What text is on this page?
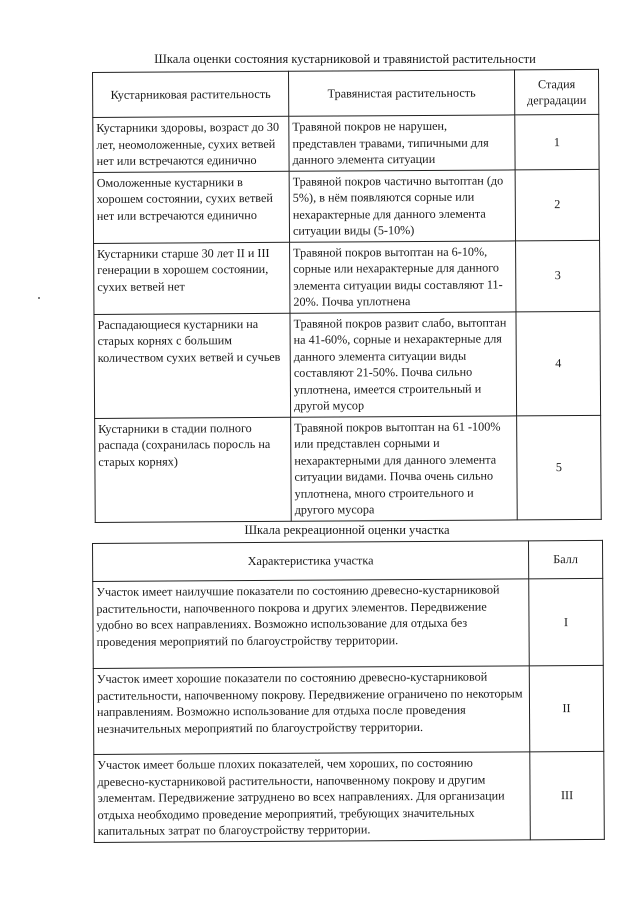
Шкала оценки состояния кустарниковой и травянистой растительности
Кустарниковая растительность	Травянистая растительность	Стадия деградации
Кустарники здоровы, возраст до 30 лет, неомоложенные, сухих ветвей нет или встречаются единично	Травяной покров не нарушен, представлен травами, типичными для данного элемента ситуации	1
Омоложенные кустарники в хорошем состоянии, сухих ветвей нет или встречаются единично	Травяной покров частично вытоптан (до 5%), в нём появляются сорные или нехарактерные для данного элемента ситуации виды (5-10%)	2
Кустарники старше 30 лет II и III генерации в хорошем состоянии, сухих ветвей нет	Травяной покров вытоптан на 6-10%, сорные или нехарактерные для данного элемента ситуации виды составляют 11-20%. Почва уплотнена	3
Распадающиеся кустарники на старых корнях с большим количеством сухих ветвей и сучьев	Травяной покров развит слабо, вытоптан на 41-60%, сорные и нехарактерные для данного элемента ситуации виды составляют 21-50%. Почва сильно уплотнена, имеется строительный и другой мусор	4
Кустарники в стадии полного распада (сохранилась поросль на старых корнях)	Травяной покров вытоптан на 61 -100% или представлен сорными и нехарактерными для данного элемента ситуации видами. Почва очень сильно уплотнена, много строительного и другого мусора	5
Шкала рекреационной оценки участка
Характеристика участка	Балл
Участок имеет наилучшие показатели по состоянию древесно-кустарниковой растительности, напочвенного покрова и других элементов. Передвижение удобно во всех направлениях. Возможно использование для отдыха без проведения мероприятий по благоустройству территории.	I
Участок имеет хорошие показатели по состоянию древесно-кустарниковой растительности, напочвенному покрову. Передвижение ограничено по некоторым направлениям. Возможно использование для отдыха после проведения незначительных мероприятий по благоустройству территории.	II
Участок имеет больше плохих показателей, чем хороших, по состоянию древесно-кустарниковой растительности, напочвенному покрову и другим элементам. Передвижение затруднено во всех направлениях. Для организации отдыха необходимо проведение мероприятий, требующих значительных капитальных затрат по благоустройству территории.	III
